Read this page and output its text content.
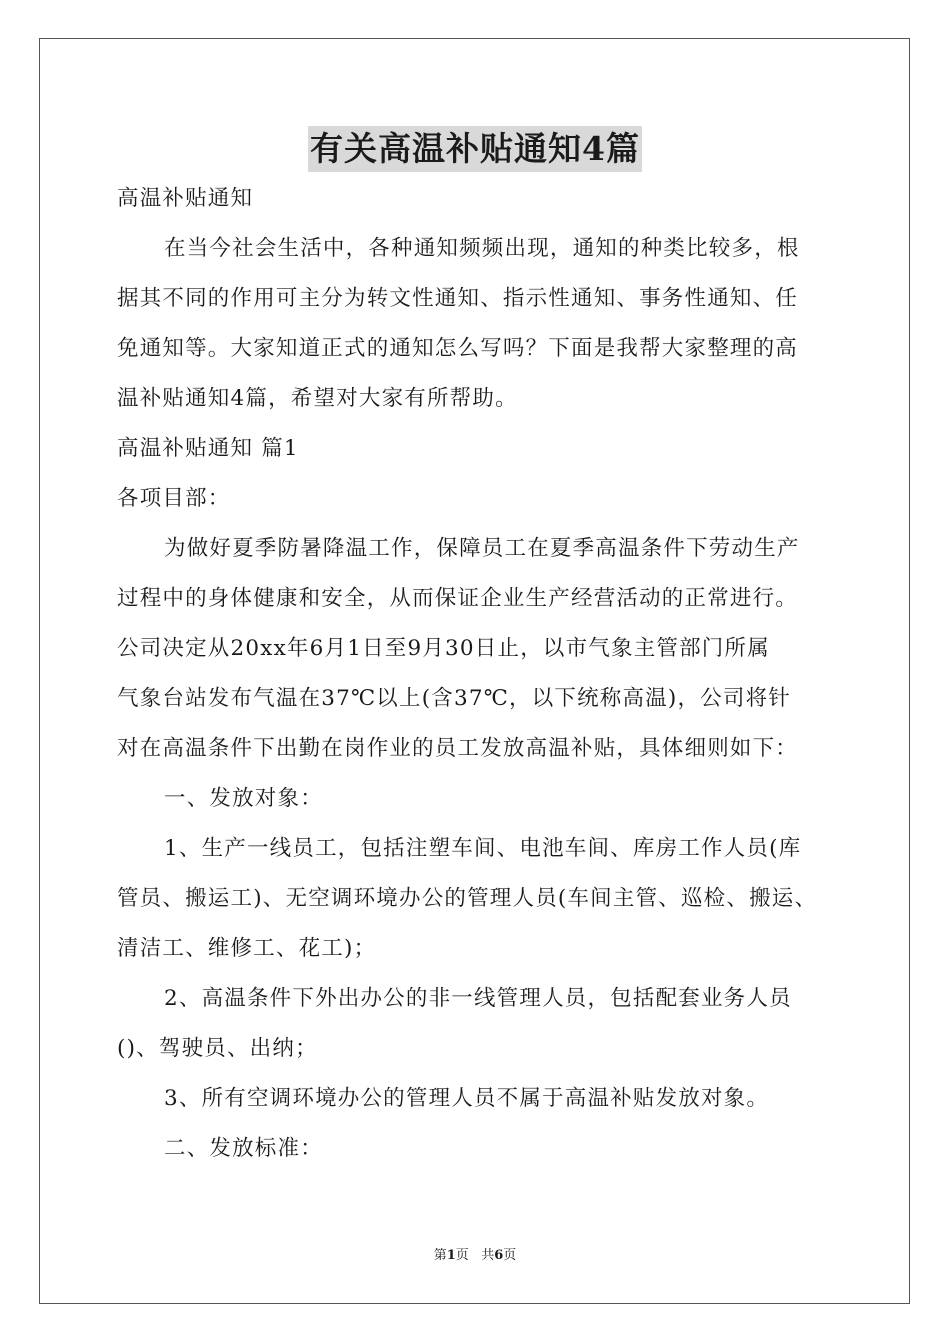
有关高温补贴通知4篇
高温补贴通知
在当今社会生活中，各种通知频频出现，通知的种类比较多，根
据其不同的作用可主分为转文性通知、指示性通知、事务性通知、任
免通知等。大家知道正式的通知怎么写吗？下面是我帮大家整理的高
温补贴通知4篇，希望对大家有所帮助。
高温补贴通知 篇1
各项目部：
为做好夏季防暑降温工作，保障员工在夏季高温条件下劳动生产
过程中的身体健康和安全，从而保证企业生产经营活动的正常进行。
公司决定从20xx年6月1日至9月30日止，以市气象主管部门所属
气象台站发布气温在37℃以上(含37℃，以下统称高温)，公司将针
对在高温条件下出勤在岗作业的员工发放高温补贴，具体细则如下：
一、发放对象：
1、生产一线员工，包括注塑车间、电池车间、库房工作人员(库
管员、搬运工)、无空调环境办公的管理人员(车间主管、巡检、搬运、
清洁工、维修工、花工)；
2、高温条件下外出办公的非一线管理人员，包括配套业务人员
()、驾驶员、出纳；
3、所有空调环境办公的管理人员不属于高温补贴发放对象。
二、发放标准：
第1页 共6页
